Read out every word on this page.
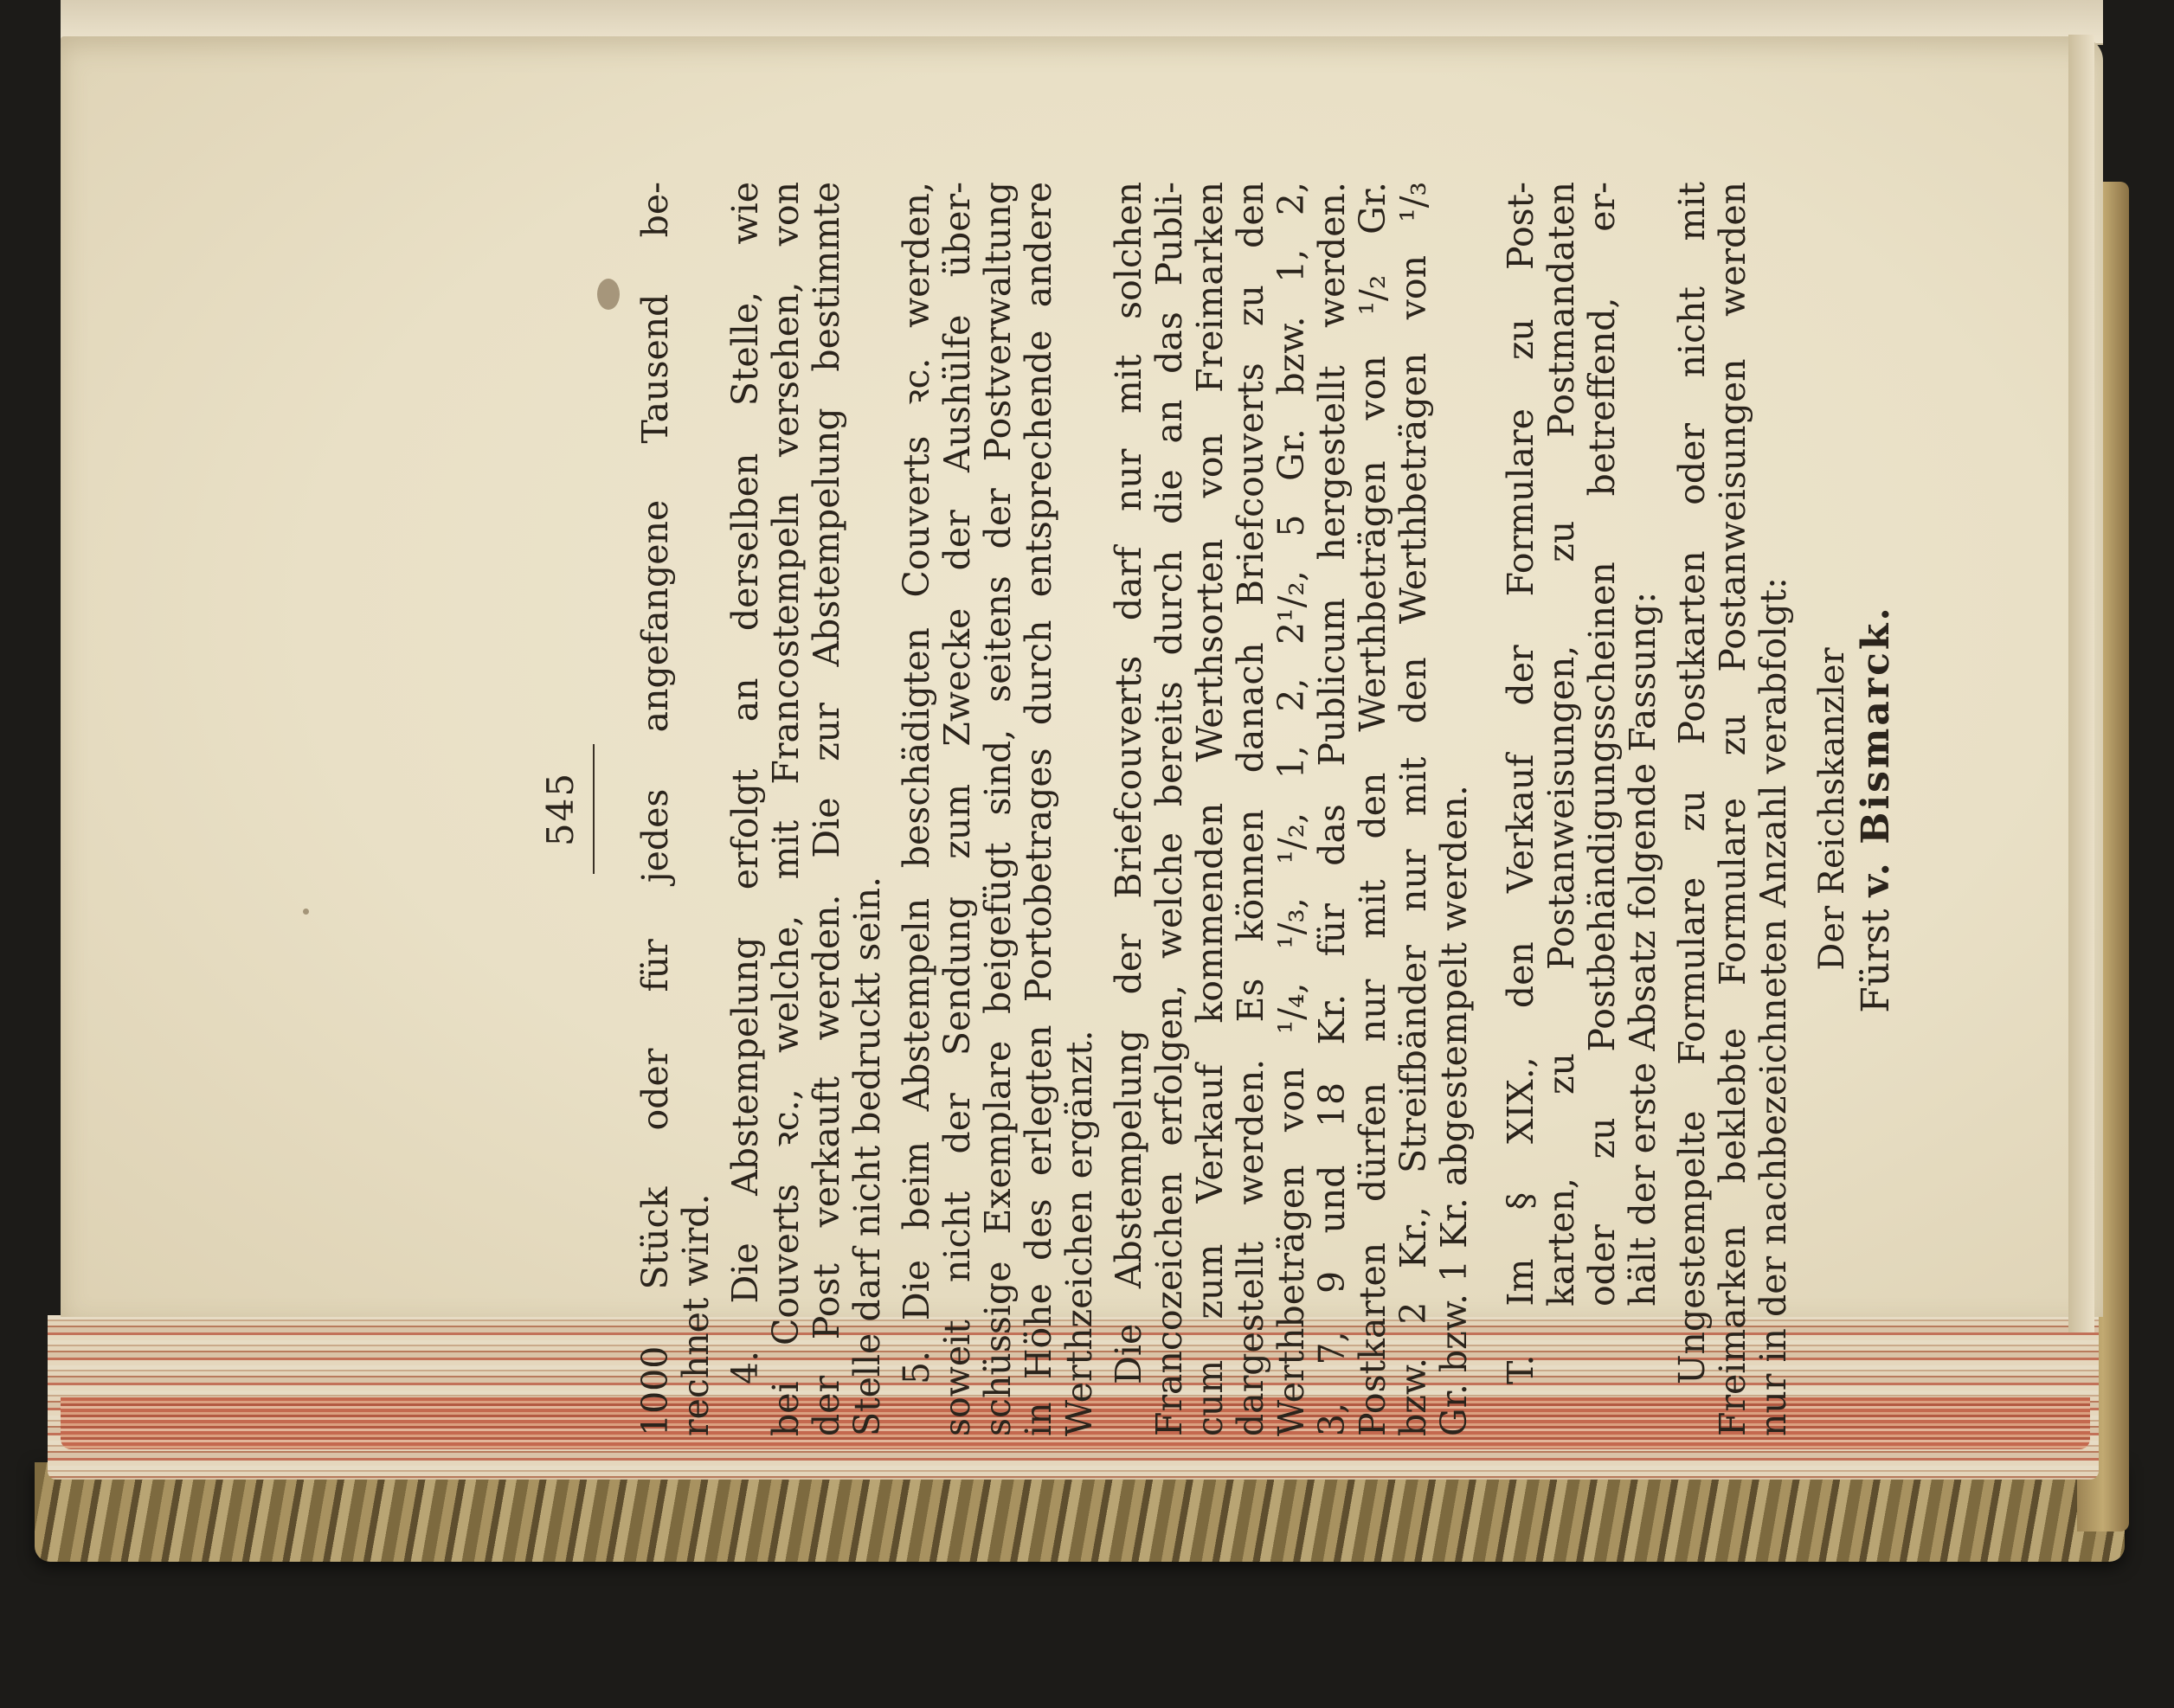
545 1000 Stück oder für jedes angefangene Tausend be- rechnet wird. 4. Die Abstempelung erfolgt an derselben Stelle, wie bei Couverts ꝛc., welche, mit Francostempeln versehen, von der Post verkauft werden. Die zur Abstempelung bestimmte Stelle darf nicht bedruckt sein. 5. Die beim Abstempeln beschädigten Couverts ꝛc. werden, soweit nicht der Sendung zum Zwecke der Aushülfe über- schüssige Exemplare beigefügt sind, seitens der Postverwaltung in Höhe des erlegten Portobetrages durch entsprechende andere Werthzeichen ergänzt. Die Abstempelung der Briefcouverts darf nur mit solchen Francozeichen erfolgen, welche bereits durch die an das Publi- cum zum Verkauf kommenden Werthsorten von Freimarken dargestellt werden. Es können danach Briefcouverts zu den Werthbeträgen von ¹/₄, ¹/₃, ¹/₂, 1, 2, 2¹/₂, 5 Gr. bzw. 1, 2, 3, 7, 9 und 18 Kr. für das Publicum hergestellt werden. Postkarten dürfen nur mit den Werthbeträgen von ¹/₂ Gr. bzw. 2 Kr., Streifbänder nur mit den Werthbeträgen von ¹/₃ Gr. bzw. 1 Kr. abgestempelt werden. T. Im § XIX., den Verkauf der Formulare zu Post- karten, zu Postanweisungen, zu Postmandaten oder zu Postbehändigungsscheinen betreffend, er- hält der erste Absatz folgende Fassung: Ungestempelte Formulare zu Postkarten oder nicht mit Freimarken beklebte Formulare zu Postanweisungen werden nur in der nachbezeichneten Anzahl verabfolgt: Der Reichskanzler Fürst v. Bismarck.
